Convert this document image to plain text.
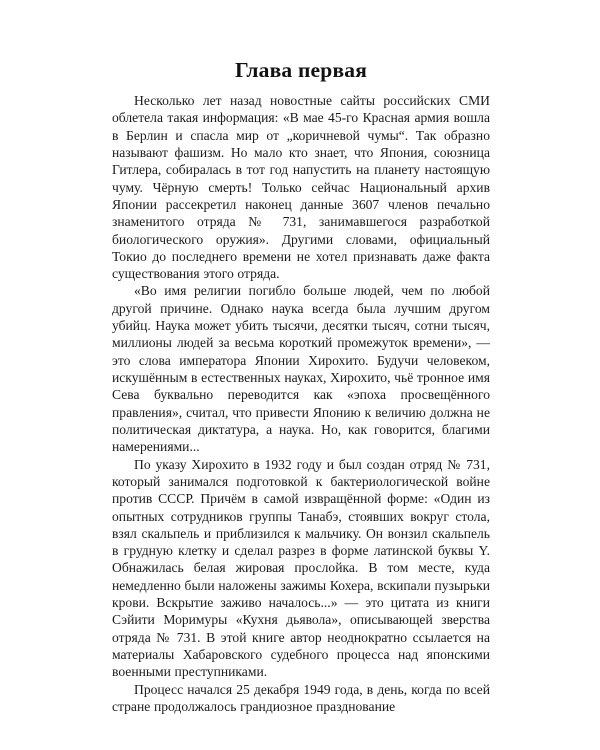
Глава первая

Несколько лет назад новостные сайты российских СМИ облетела такая информация: «В мае 45-го Красная армия вошла в Берлин и спасла мир от „коричневой чумы“. Так образно называют фашизм. Но мало кто знает, что Япония, союзница Гитлера, собиралась в тот год напустить на планету настоящую чуму. Чёрную смерть! Только сейчас Национальный архив Японии рассекретил наконец данные 3607 членов печально знаменитого отряда № 731, занимавшегося разработкой биологического оружия». Другими словами, официальный Токио до последнего времени не хотел признавать даже факта существования этого отряда.

«Во имя религии погибло больше людей, чем по любой другой причине. Однако наука всегда была лучшим другом убийц. Наука может убить тысячи, десятки тысяч, сотни тысяч, миллионы людей за весьма короткий промежуток времени», — это слова императора Японии Хирохито. Будучи человеком, искушённым в естественных науках, Хирохито, чьё тронное имя Сева буквально переводится как «эпоха просвещённого правления», считал, что привести Японию к величию должна не политическая диктатура, а наука. Но, как говорится, благими намерениями...

По указу Хирохито в 1932 году и был создан отряд № 731, который занимался подготовкой к бактериологической войне против СССР. Причём в самой извращённой форме: «Один из опытных сотрудников группы Танабэ, стоявших вокруг стола, взял скальпель и приблизился к мальчику. Он вонзил скальпель в грудную клетку и сделал разрез в форме латинской буквы Y. Обнажилась белая жировая прослойка. В том месте, куда немедленно были наложены зажимы Кохера, вскипали пузырьки крови. Вскрытие заживо началось...» — это цитата из книги Сэйити Моримуры «Кухня дьявола», описывающей зверства отряда № 731. В этой книге автор неоднократно ссылается на материалы Хабаровского судебного процесса над японскими военными преступниками.

Процесс начался 25 декабря 1949 года, в день, когда по всей стране продолжалось грандиозное празднование
